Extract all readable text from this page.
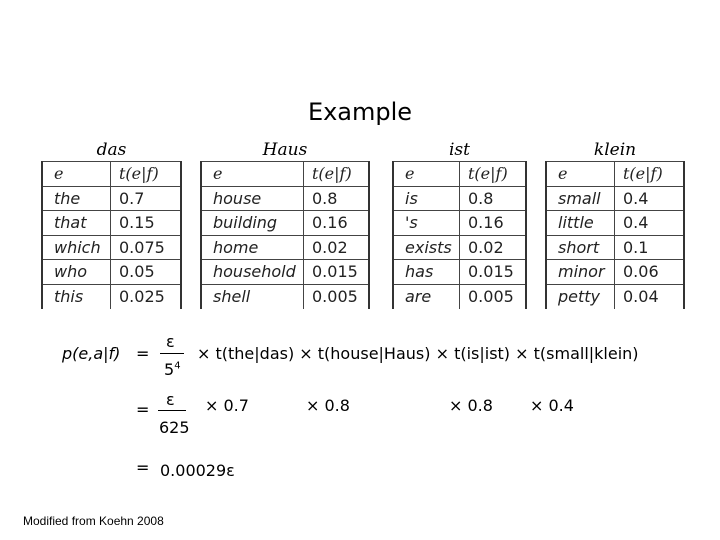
Example
das
e	t(e|f)
the	0.7
that	0.15
which	0.075
who	0.05
this	0.025
Haus
e	t(e|f)
house	0.8
building	0.16
home	0.02
household	0.015
shell	0.005
ist
e	t(e|f)
is	0.8
's	0.16
exists	0.02
has	0.015
are	0.005
klein
e	t(e|f)
small	0.4
little	0.4
short	0.1
minor	0.06
petty	0.04
p(e,a|f) =
ε
$5^4$
× t(the|das) × t(house|Haus) × t(is|ist) × t(small|klein)
=
ε
625
× 0.7	× 0.8	× 0.8 × 0.4
= 0.00029ε
Modified from Koehn 2008
